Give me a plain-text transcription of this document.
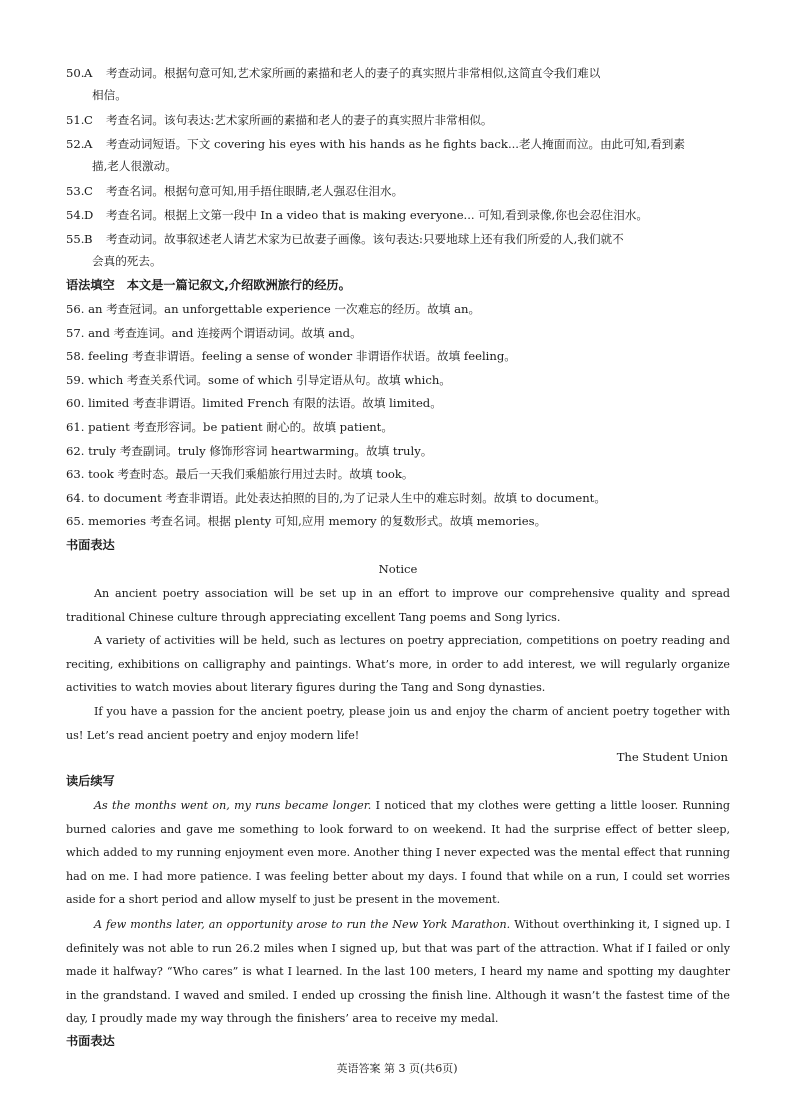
50.A 考查动词。根据句意可知,艺术家所画的素描和老人的妻子的真实照片非常相似,这简直令我们难以
相信。
51.C 考查名词。该句表达:艺术家所画的素描和老人的妻子的真实照片非常相似。
52.A 考查动词短语。下文 covering his eyes with his hands as he fights back...老人掩面而泣。由此可知,看到素
描,老人很激动。
53.C 考查名词。根据句意可知,用手捂住眼睛,老人强忍住泪水。
54.D 考查名词。根据上文第一段中 In a video that is making everyone... 可知,看到录像,你也会忍住泪水。
55.B 考查动词。故事叙述老人请艺术家为已故妻子画像。该句表达:只要地球上还有我们所爱的人,我们就不
会真的死去。
语法填空 本文是一篇记叙文,介绍欧洲旅行的经历。
56. an 考查冠词。an unforgettable experience 一次难忘的经历。故填 an。
57. and 考查连词。and 连接两个谓语动词。故填 and。
58. feeling 考查非谓语。feeling a sense of wonder 非谓语作状语。故填 feeling。
59. which 考查关系代词。some of which 引导定语从句。故填 which。
60. limited 考查非谓语。limited French 有限的法语。故填 limited。
61. patient 考查形容词。be patient 耐心的。故填 patient。
62. truly 考查副词。truly 修饰形容词 heartwarming。故填 truly。
63. took 考查时态。最后一天我们乘船旅行用过去时。故填 took。
64. to document 考查非谓语。此处表达拍照的目的,为了记录人生中的难忘时刻。故填 to document。
65. memories 考查名词。根据 plenty 可知,应用 memory 的复数形式。故填 memories。
书面表达
Notice
An ancient poetry association will be set up in an effort to improve our comprehensive quality and spread traditional Chinese culture through appreciating excellent Tang poems and Song lyrics.
A variety of activities will be held, such as lectures on poetry appreciation, competitions on poetry reading and reciting, exhibitions on calligraphy and paintings. What’s more, in order to add interest, we will regularly organize activities to watch movies about literary figures during the Tang and Song dynasties.
If you have a passion for the ancient poetry, please join us and enjoy the charm of ancient poetry together with us! Let’s read ancient poetry and enjoy modern life!
The Student Union
读后续写
As the months went on, my runs became longer. I noticed that my clothes were getting a little looser. Running burned calories and gave me something to look forward to on weekend. It had the surprise effect of better sleep, which added to my running enjoyment even more. Another thing I never expected was the mental effect that running had on me. I had more patience. I was feeling better about my days. I found that while on a run, I could set worries aside for a short period and allow myself to just be present in the movement.
A few months later, an opportunity arose to run the New York Marathon. Without overthinking it, I signed up. I definitely was not able to run 26.2 miles when I signed up, but that was part of the attraction. What if I failed or only made it halfway? “Who cares” is what I learned. In the last 100 meters, I heard my name and spotting my daughter in the grandstand. I waved and smiled. I ended up crossing the finish line. Although it wasn’t the fastest time of the day, I proudly made my way through the finishers’ area to receive my medal.
书面表达
英语答案 第 3 页(共6页)
